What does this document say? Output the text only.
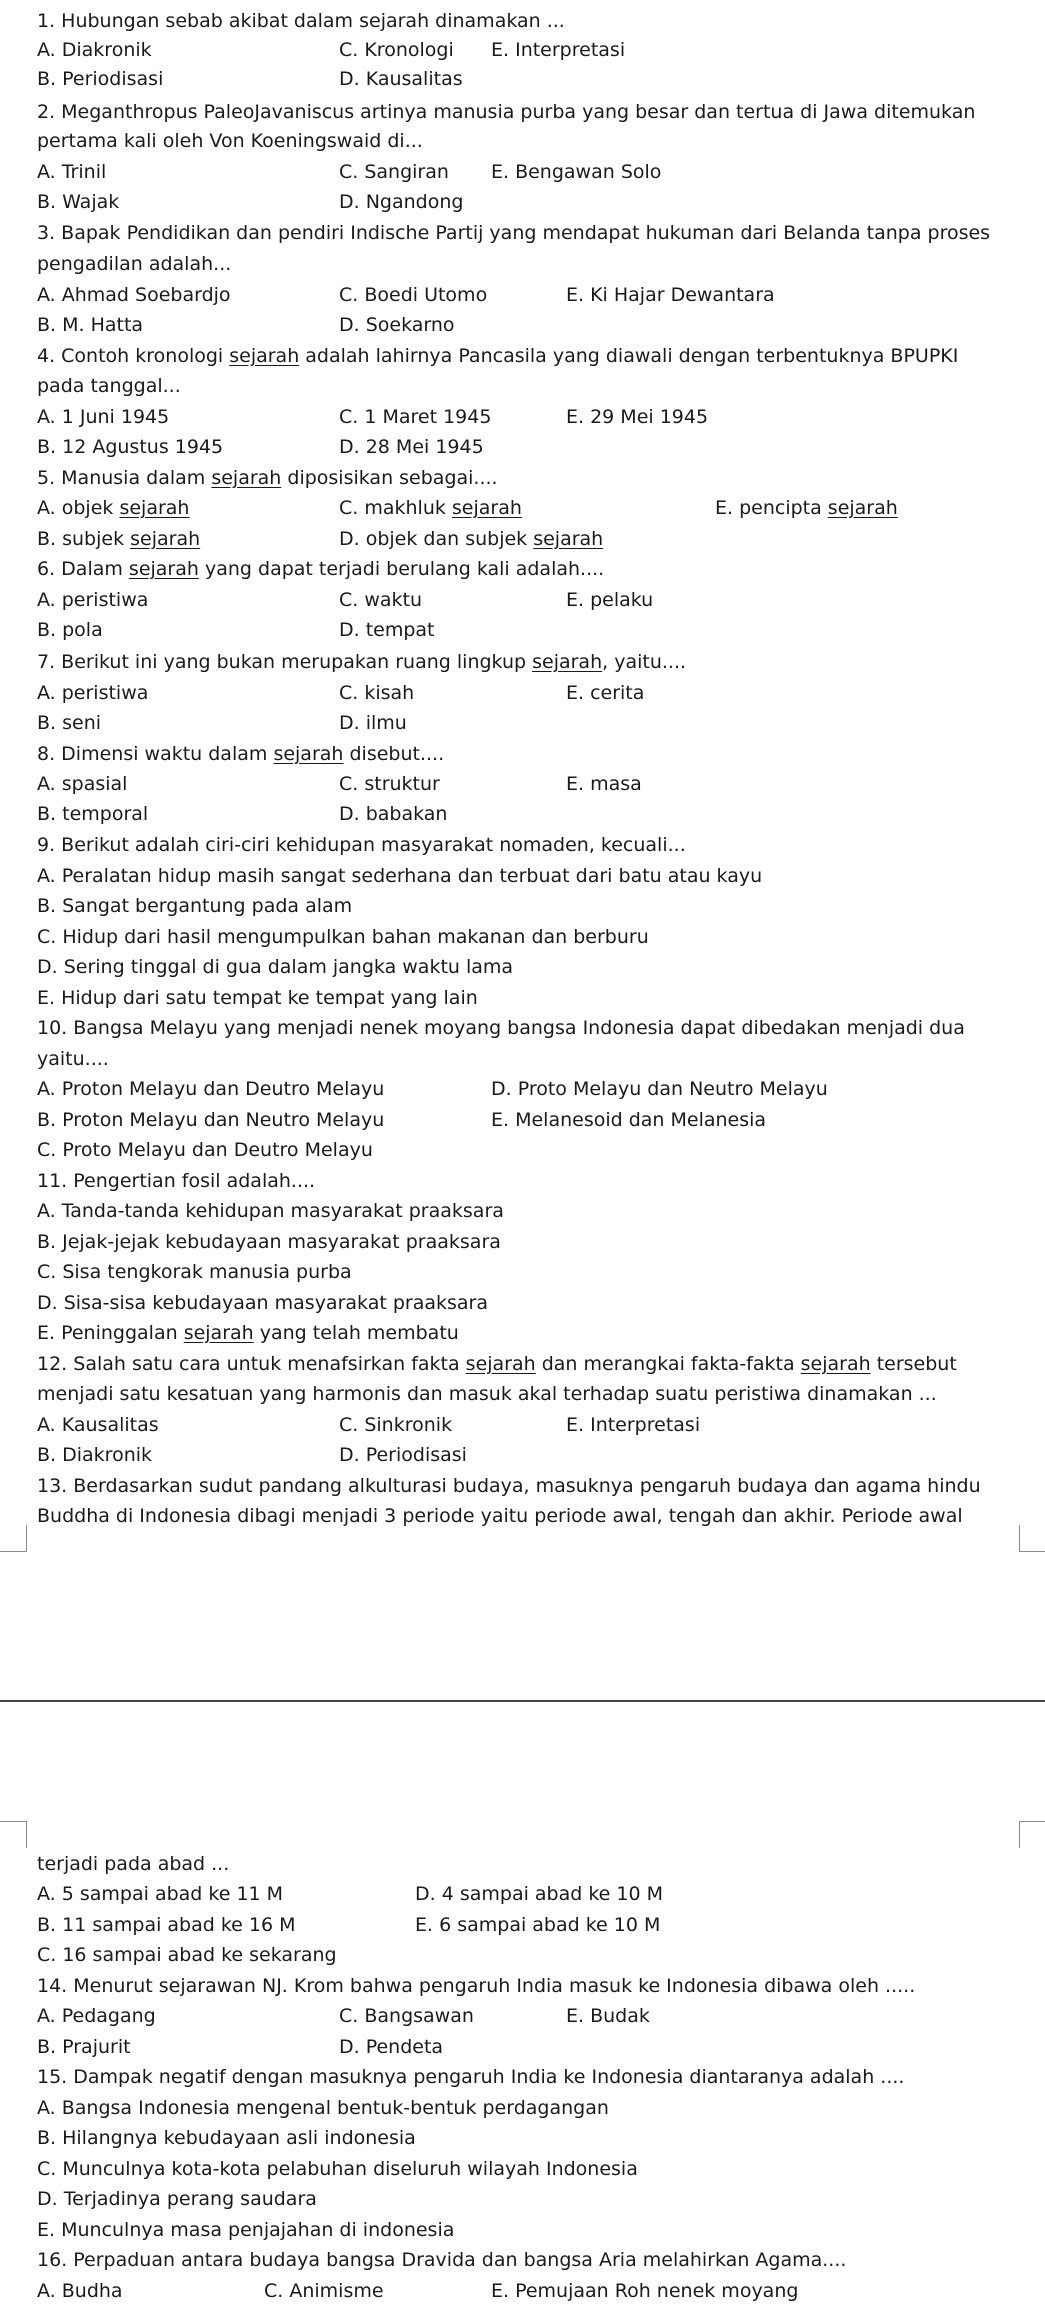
1. Hubungan sebab akibat dalam sejarah dinamakan ...
A. Diakronik	C. Kronologi E. Interpretasi
B. Periodisasi	D. Kausalitas
2. Meganthropus PaleoJavaniscus artinya manusia purba yang besar dan tertua di Jawa ditemukan
pertama kali oleh Von Koeningswaid di...
A. Trinil	C. Sangiran E. Bengawan Solo
B. Wajak	D. Ngandong
3. Bapak Pendidikan dan pendiri Indische Partij yang mendapat hukuman dari Belanda tanpa proses
pengadilan adalah...
A. Ahmad Soebardjo	C. Boedi Utomo	E. Ki Hajar Dewantara
B. M. Hatta	D. Soekarno
4. Contoh kronologi sejarah adalah lahirnya Pancasila yang diawali dengan terbentuknya BPUPKI
pada tanggal...
A. 1 Juni 1945	C. 1 Maret 1945	E. 29 Mei 1945
B. 12 Agustus 1945	D. 28 Mei 1945
5. Manusia dalam sejarah diposisikan sebagai....
A. objek sejarah	C. makhluk sejarah	E. pencipta sejarah
B. subjek sejarah	D. objek dan subjek sejarah
6. Dalam sejarah yang dapat terjadi berulang kali adalah....
A. peristiwa	C. waktu	E. pelaku
B. pola	D. tempat
7. Berikut ini yang bukan merupakan ruang lingkup sejarah, yaitu....
A. peristiwa	C. kisah	E. cerita
B. seni	D. ilmu
8. Dimensi waktu dalam sejarah disebut....
A. spasial	C. struktur	E. masa
B. temporal	D. babakan
9. Berikut adalah ciri-ciri kehidupan masyarakat nomaden, kecuali...
A. Peralatan hidup masih sangat sederhana dan terbuat dari batu atau kayu
B. Sangat bergantung pada alam
C. Hidup dari hasil mengumpulkan bahan makanan dan berburu
D. Sering tinggal di gua dalam jangka waktu lama
E. Hidup dari satu tempat ke tempat yang lain
10. Bangsa Melayu yang menjadi nenek moyang bangsa Indonesia dapat dibedakan menjadi dua
yaitu....
A. Proton Melayu dan Deutro Melayu	D. Proto Melayu dan Neutro Melayu
B. Proton Melayu dan Neutro Melayu	E. Melanesoid dan Melanesia
C. Proto Melayu dan Deutro Melayu
11. Pengertian fosil adalah....
A. Tanda-tanda kehidupan masyarakat praaksara
B. Jejak-jejak kebudayaan masyarakat praaksara
C. Sisa tengkorak manusia purba
D. Sisa-sisa kebudayaan masyarakat praaksara
E. Peninggalan sejarah yang telah membatu
12. Salah satu cara untuk menafsirkan fakta sejarah dan merangkai fakta-fakta sejarah tersebut
menjadi satu kesatuan yang harmonis dan masuk akal terhadap suatu peristiwa dinamakan ...
A. Kausalitas	C. Sinkronik	E. Interpretasi
B. Diakronik	D. Periodisasi
13. Berdasarkan sudut pandang alkulturasi budaya, masuknya pengaruh budaya dan agama hindu
Buddha di Indonesia dibagi menjadi 3 periode yaitu periode awal, tengah dan akhir. Periode awal
terjadi pada abad ...
A. 5 sampai abad ke 11 M	D. 4 sampai abad ke 10 M
B. 11 sampai abad ke 16 M	E. 6 sampai abad ke 10 M
C. 16 sampai abad ke sekarang
14. Menurut sejarawan NJ. Krom bahwa pengaruh India masuk ke Indonesia dibawa oleh .....
A. Pedagang	C. Bangsawan	E. Budak
B. Prajurit	D. Pendeta
15. Dampak negatif dengan masuknya pengaruh India ke Indonesia diantaranya adalah ....
A. Bangsa Indonesia mengenal bentuk-bentuk perdagangan
B. Hilangnya kebudayaan asli indonesia
C. Munculnya kota-kota pelabuhan diseluruh wilayah Indonesia
D. Terjadinya perang saudara
E. Munculnya masa penjajahan di indonesia
16. Perpaduan antara budaya bangsa Dravida dan bangsa Aria melahirkan Agama....
A. Budha	C. Animisme	E. Pemujaan Roh nenek moyang
